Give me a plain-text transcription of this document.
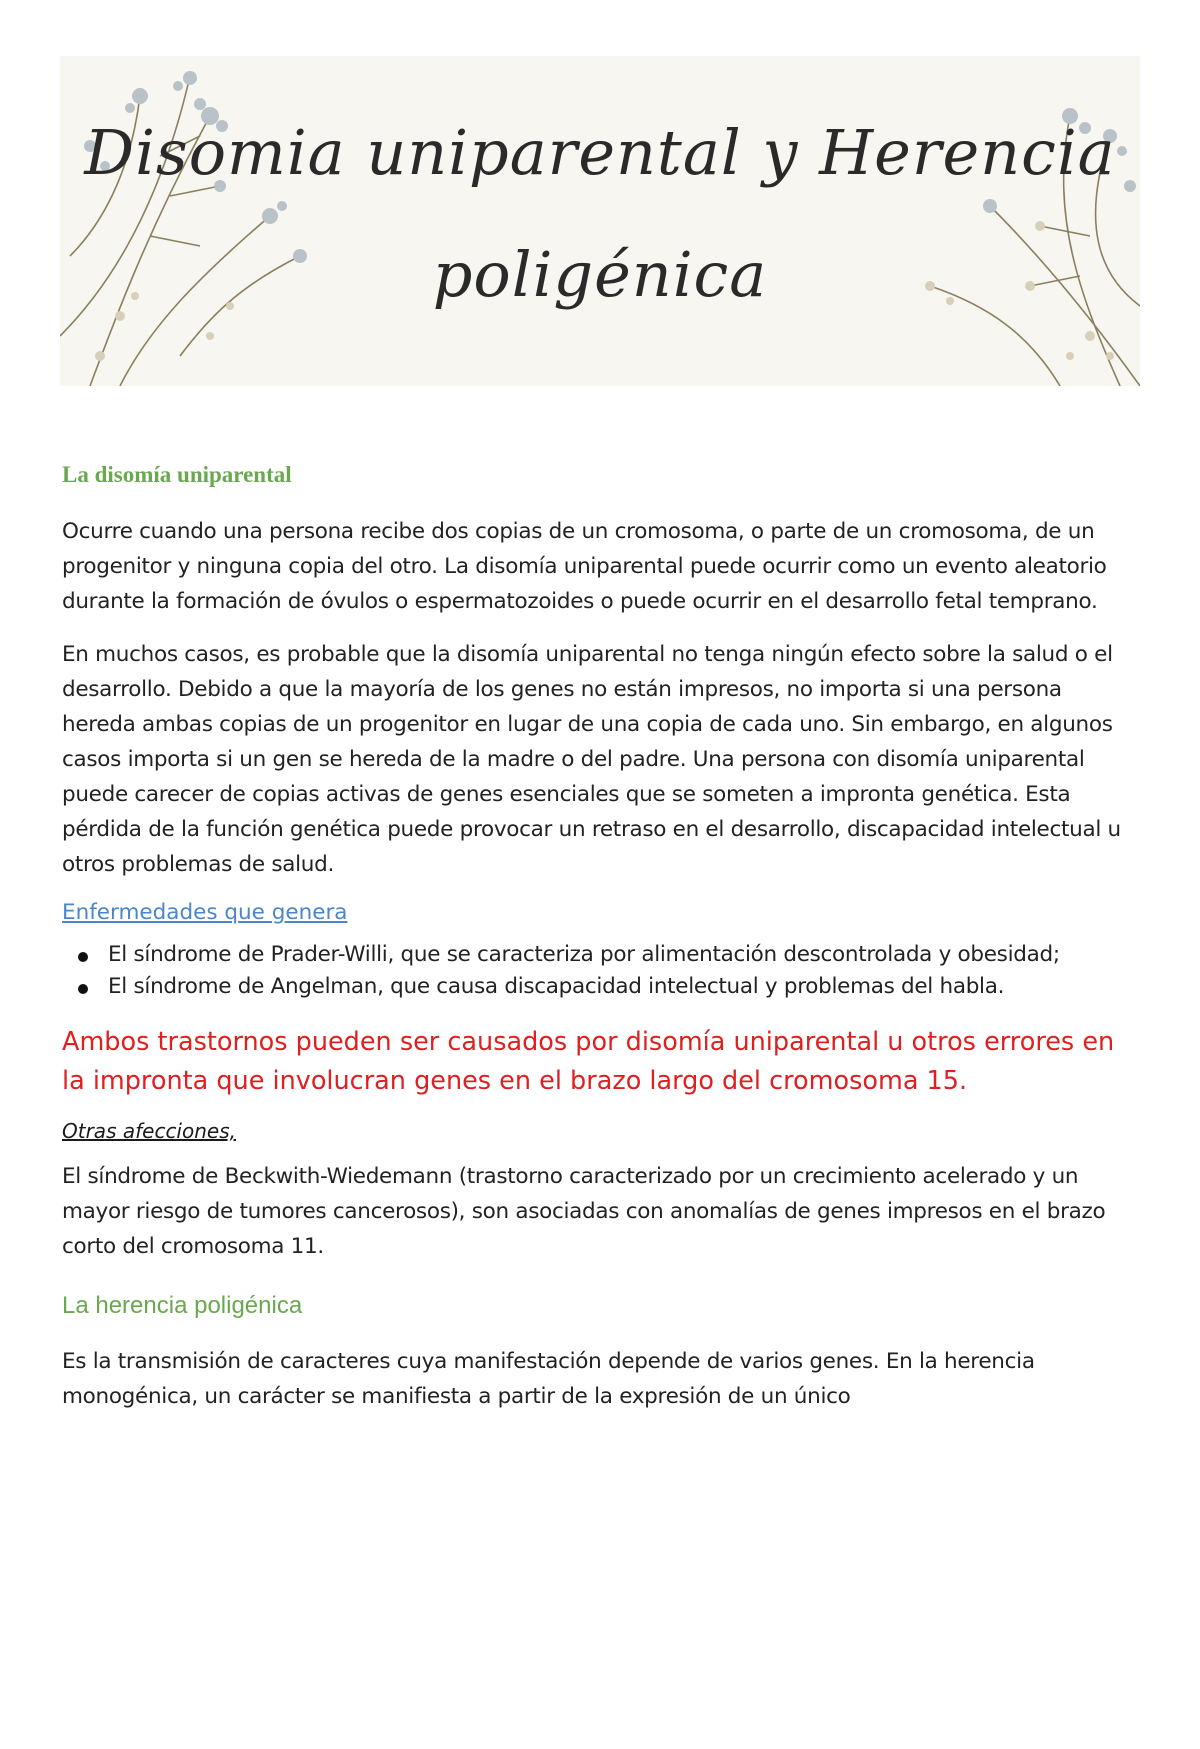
Disomia uniparental y Herencia
poligénica
La disomía uniparental

Ocurre cuando una persona recibe dos copias de un cromosoma, o parte de un cromosoma, de un progenitor y ninguna copia del otro. La disomía uniparental puede ocurrir como un evento aleatorio durante la formación de óvulos o espermatozoides o puede ocurrir en el desarrollo fetal temprano.

En muchos casos, es probable que la disomía uniparental no tenga ningún efecto sobre la salud o el desarrollo. Debido a que la mayoría de los genes no están impresos, no importa si una persona hereda ambas copias de un progenitor en lugar de una copia de cada uno. Sin embargo, en algunos casos importa si un gen se hereda de la madre o del padre. Una persona con disomía uniparental puede carecer de copias activas de genes esenciales que se someten a impronta genética. Esta pérdida de la función genética puede provocar un retraso en el desarrollo, discapacidad intelectual u otros problemas de salud.

Enfermedades que genera
El síndrome de Prader-Willi, que se caracteriza por alimentación descontrolada y obesidad;
El síndrome de Angelman, que causa discapacidad intelectual y problemas del habla.
Ambos trastornos pueden ser causados por disomía uniparental u otros errores en la impronta que involucran genes en el brazo largo del cromosoma 15.
Otras afecciones,

El síndrome de Beckwith-Wiedemann (trastorno caracterizado por un crecimiento acelerado y un mayor riesgo de tumores cancerosos), son asociadas con anomalías de genes impresos en el brazo corto del cromosoma 11.

La herencia poligénica

Es la transmisión de caracteres cuya manifestación depende de varios genes. En la herencia monogénica, un carácter se manifiesta a partir de la expresión de un único
